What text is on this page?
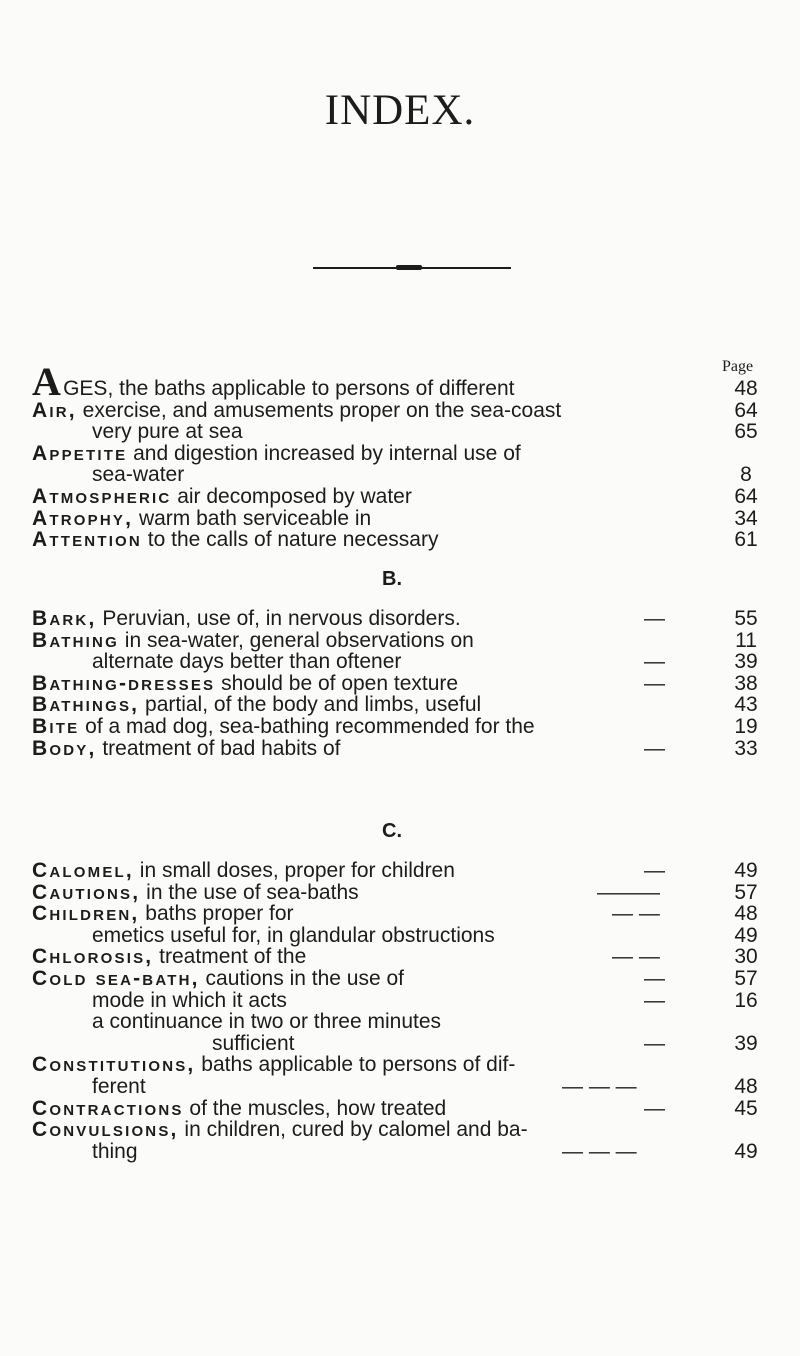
INDEX.
Page
AGES, the baths applicable to persons of different	48
Air, exercise, and amusements proper on the sea-coast	64
very pure at sea	65
Appetite and digestion increased by internal use of
sea-water	8
Atmospheric air decomposed by water	64
Atrophy, warm bath serviceable in	34
Attention to the calls of nature necessary	61
B.
Bark, Peruvian, use of, in nervous disorders.	—	55
Bathing in sea-water, general observations on	11
alternate days better than oftener	—	39
Bathing-dresses should be of open texture	—	38
Bathings, partial, of the body and limbs, useful	43
Bite of a mad dog, sea-bathing recommended for the	19
Body, treatment of bad habits of	—	33
C.
Calomel, in small doses, proper for children	—	49
Cautions, in the use of sea-baths	———	57
Children, baths proper for	— —	48
emetics useful for, in glandular obstructions	49
Chlorosis, treatment of the	— —	30
Cold sea-bath, cautions in the use of	—	57
mode in which it acts	—	16
a continuance in two or three minutes
sufficient	—	39
Constitutions, baths applicable to persons of dif-
ferent	— — —	48
Contractions of the muscles, how treated	—	45
Convulsions, in children, cured by calomel and ba-
thing	— — —	49
